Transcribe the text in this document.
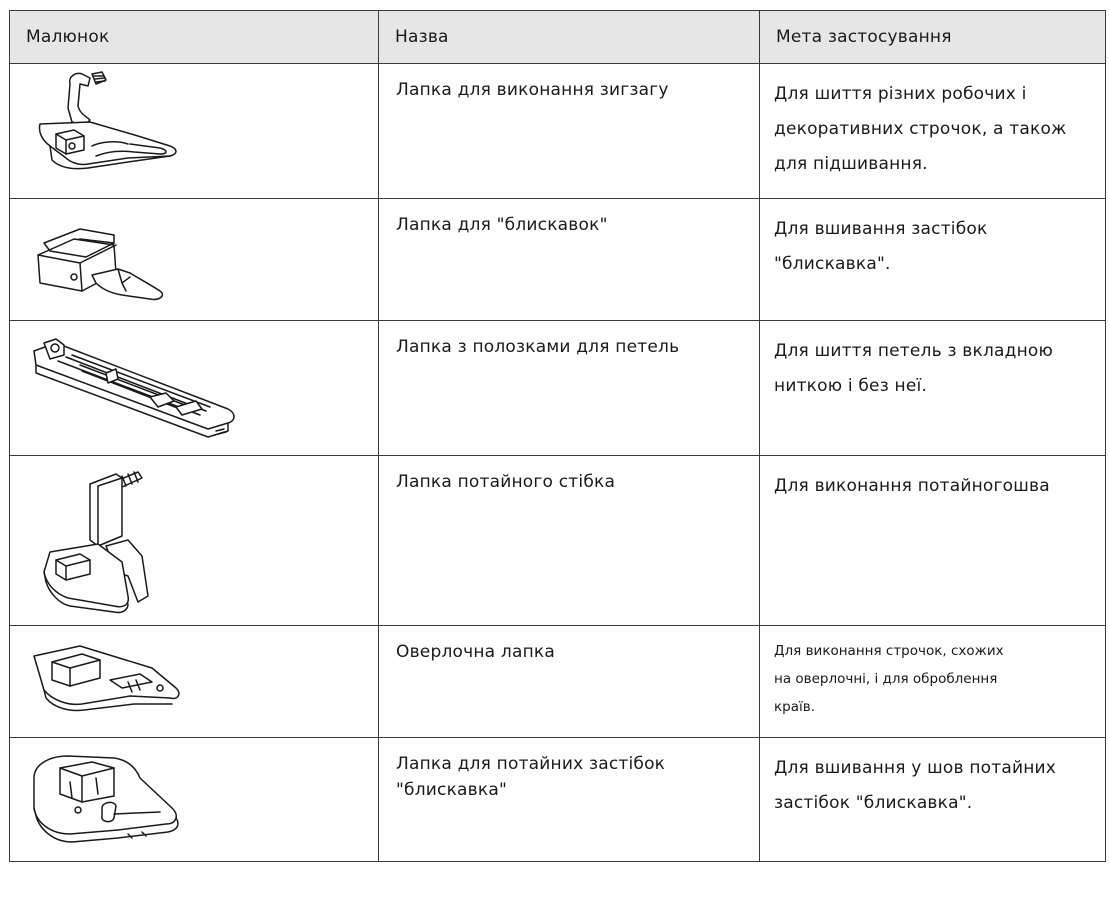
Малюнок	Назва	Мета застосування

	Лапка для виконання зигзагу	Для шиття різних робочих і
декоративних строчок, а також
для підшивання.

	Лапка для "блискавок"	Для вшивання застібок
"блискавка".

	Лапка з полозками для петель	Для шиття петель з вкладною
ниткою і без неї.

	Лапка потайного стібка	Для виконання потайногошва

	Оверлочна лапка	Для виконання строчок, схожих
на оверлочні, і для оброблення
країв.

	Лапка для потайних застібок "блискавка"	Для вшивання у шов потайних
застібок "блискавка".
